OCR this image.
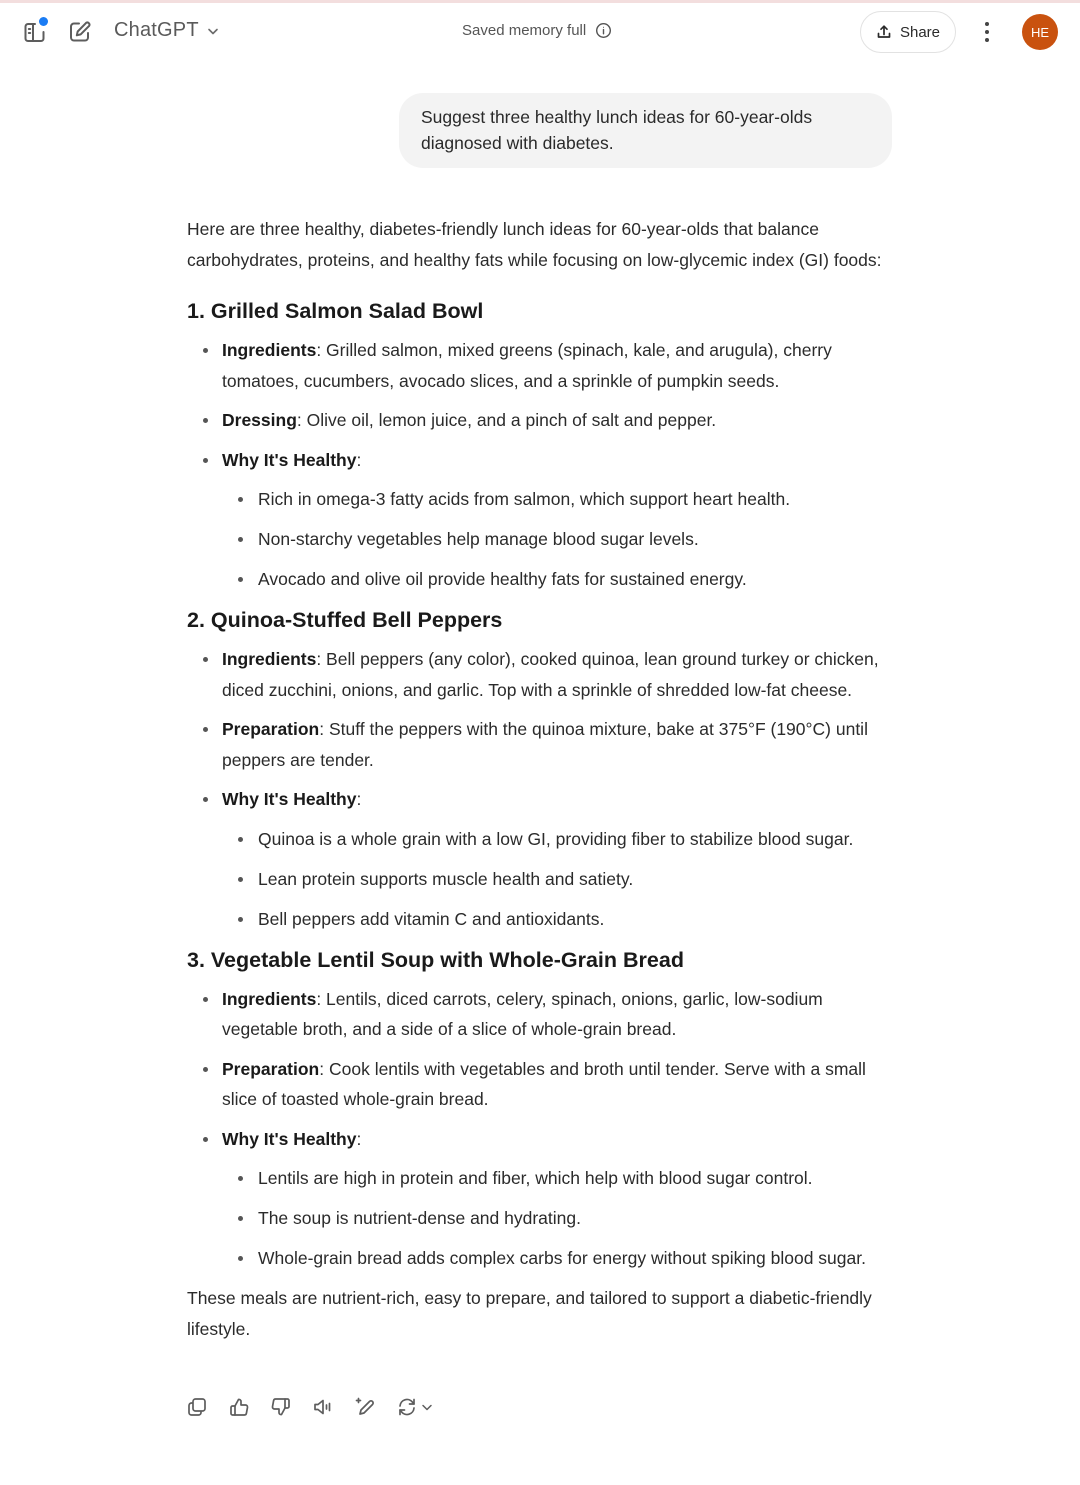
ChatGPT	Saved memory full	Share	HE
Suggest three healthy lunch ideas for 60-year-olds diagnosed with diabetes.

Here are three healthy, diabetes-friendly lunch ideas for 60-year-olds that balance carbohydrates, proteins, and healthy fats while focusing on low-glycemic index (GI) foods:

1. Grilled Salmon Salad Bowl
Ingredients: Grilled salmon, mixed greens (spinach, kale, and arugula), cherry tomatoes, cucumbers, avocado slices, and a sprinkle of pumpkin seeds.
Dressing: Olive oil, lemon juice, and a pinch of salt and pepper.
Why It's Healthy:
Rich in omega-3 fatty acids from salmon, which support heart health.
Non-starchy vegetables help manage blood sugar levels.
Avocado and olive oil provide healthy fats for sustained energy.
2. Quinoa-Stuffed Bell Peppers
Ingredients: Bell peppers (any color), cooked quinoa, lean ground turkey or chicken, diced zucchini, onions, and garlic. Top with a sprinkle of shredded low-fat cheese.
Preparation: Stuff the peppers with the quinoa mixture, bake at 375°F (190°C) until peppers are tender.
Why It's Healthy:
Quinoa is a whole grain with a low GI, providing fiber to stabilize blood sugar.
Lean protein supports muscle health and satiety.
Bell peppers add vitamin C and antioxidants.
3. Vegetable Lentil Soup with Whole-Grain Bread
Ingredients: Lentils, diced carrots, celery, spinach, onions, garlic, low-sodium vegetable broth, and a side of a slice of whole-grain bread.
Preparation: Cook lentils with vegetables and broth until tender. Serve with a small slice of toasted whole-grain bread.
Why It's Healthy:
Lentils are high in protein and fiber, which help with blood sugar control.
The soup is nutrient-dense and hydrating.
Whole-grain bread adds complex carbs for energy without spiking blood sugar.

These meals are nutrient-rich, easy to prepare, and tailored to support a diabetic-friendly lifestyle.
